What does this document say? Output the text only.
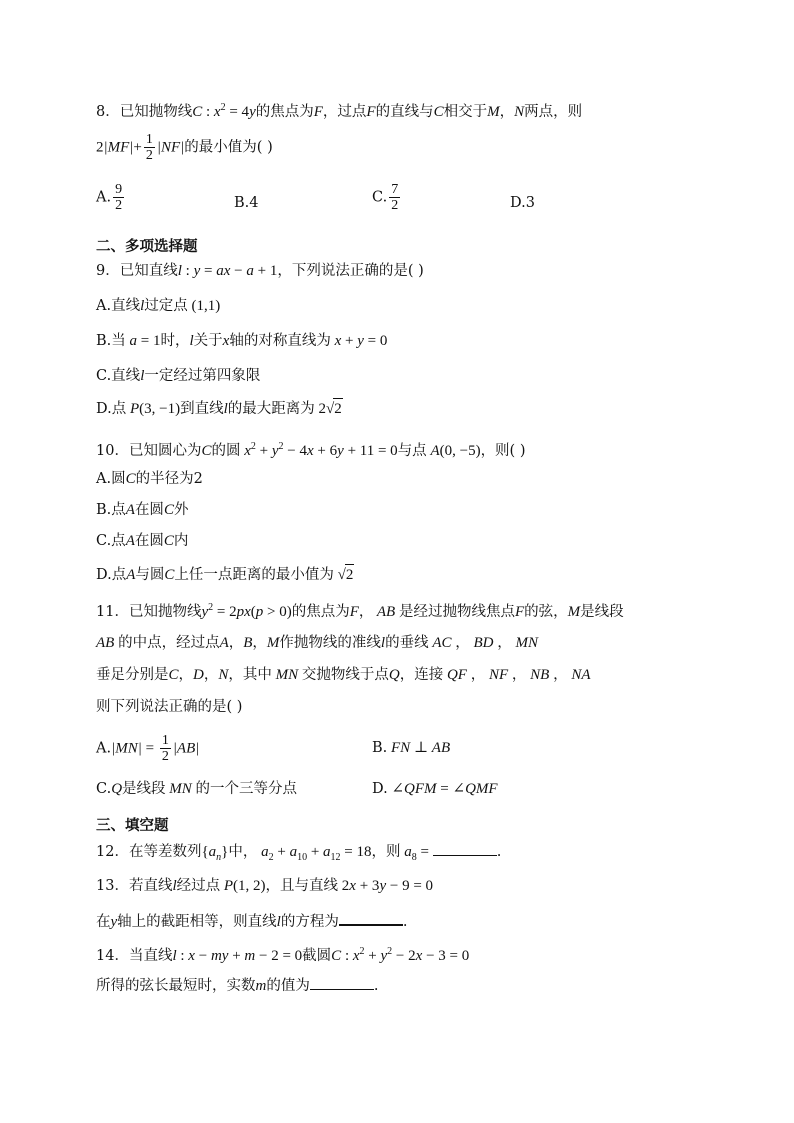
8．已知抛物线C : $x^2 = 4y$的焦点为F，过点F的直线与C相交于M，N两点，则
$2|MF|+ \frac{1}{2} |NF|$的最小值为( )
A. $\frac{9}{2}$	B.4	C. $\frac{7}{2}$	D.3
二、多项选择题
9．已知直线l : y = ax − a + 1，下列说法正确的是( )
A.直线l过定点 (1,1)
B.当 a = 1时，l关于x轴的对称直线为 x + y = 0
C.直线l一定经过第四象限
D.点 P(3, −1)到直线l的最大距离为 2√2
10．已知圆心为C的圆 $x^2 + y^2 - 4x + 6y + 11 = 0$与点 A(0, −5)，则( )
A.圆C的半径为2
B.点A在圆C外
C.点A在圆C内
D.点A与圆C上任一点距离的最小值为 √2
11．已知抛物线$y^2 = 2px(p > 0)$的焦点为F， AB 是经过抛物线焦点F的弦，M是线段
AB 的中点，经过点A，B，M作抛物线的准线l的垂线 AC ， BD ， MN
垂足分别是C，D，N，其中 MN 交抛物线于点Q，连接 QF ， NF ， NB ， NA
则下列说法正确的是( )
$A.|MN| = \frac{1}{2} |AB|$	B. FN ⊥ AB
C.Q是线段 MN 的一个三等分点	D. ∠QFM = ∠QMF
三、填空题
12．在等差数列$\{a_n\}$中， $a_2 + a_{10} + a_{12} = 18$，则 $a_8$ =	.
13．若直线l经过点 P(1, 2)，且与直线 2x + 3y − 9 = 0
在y轴上的截距相等，则直线l的方程为	.
14．当直线l : x − my + m − 2 = 0截圆C : $x^2 + y^2 - 2x - 3 = 0$
所得的弦长最短时，实数m的值为	.
